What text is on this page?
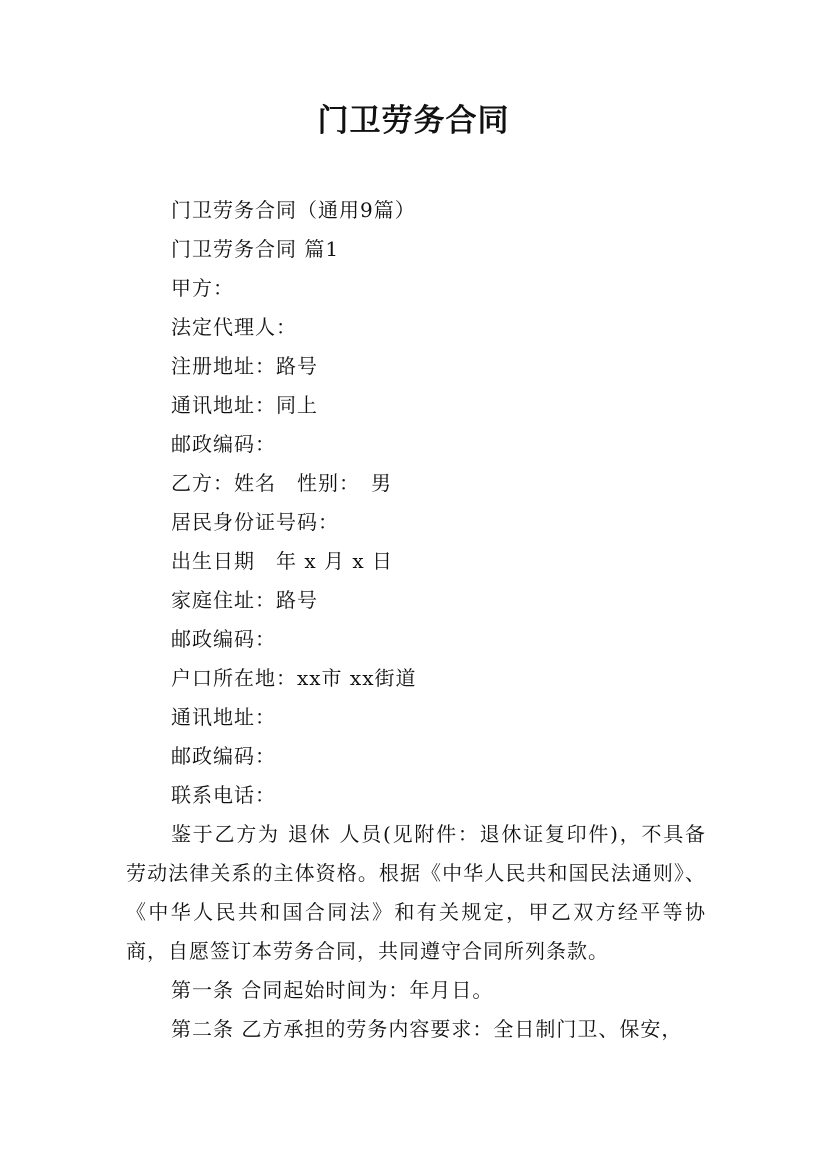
门卫劳务合同
门卫劳务合同（通用9篇）
门卫劳务合同 篇1
甲方：
法定代理人：
注册地址：路号
通讯地址：同上
邮政编码：
乙方：姓名　性别：　男
居民身份证号码：
出生日期　年 x 月 x 日
家庭住址：路号
邮政编码：
户口所在地：xx市 xx街道
通讯地址：
邮政编码：
联系电话：
鉴于乙方为 退休 人员(见附件：退休证复印件)，不具备劳动法律关系的主体资格。根据《中华人民共和国民法通则》、《中华人民共和国合同法》和有关规定，甲乙双方经平等协商，自愿签订本劳务合同，共同遵守合同所列条款。
第一条 合同起始时间为：年月日。
第二条 乙方承担的劳务内容要求：全日制门卫、保安，
